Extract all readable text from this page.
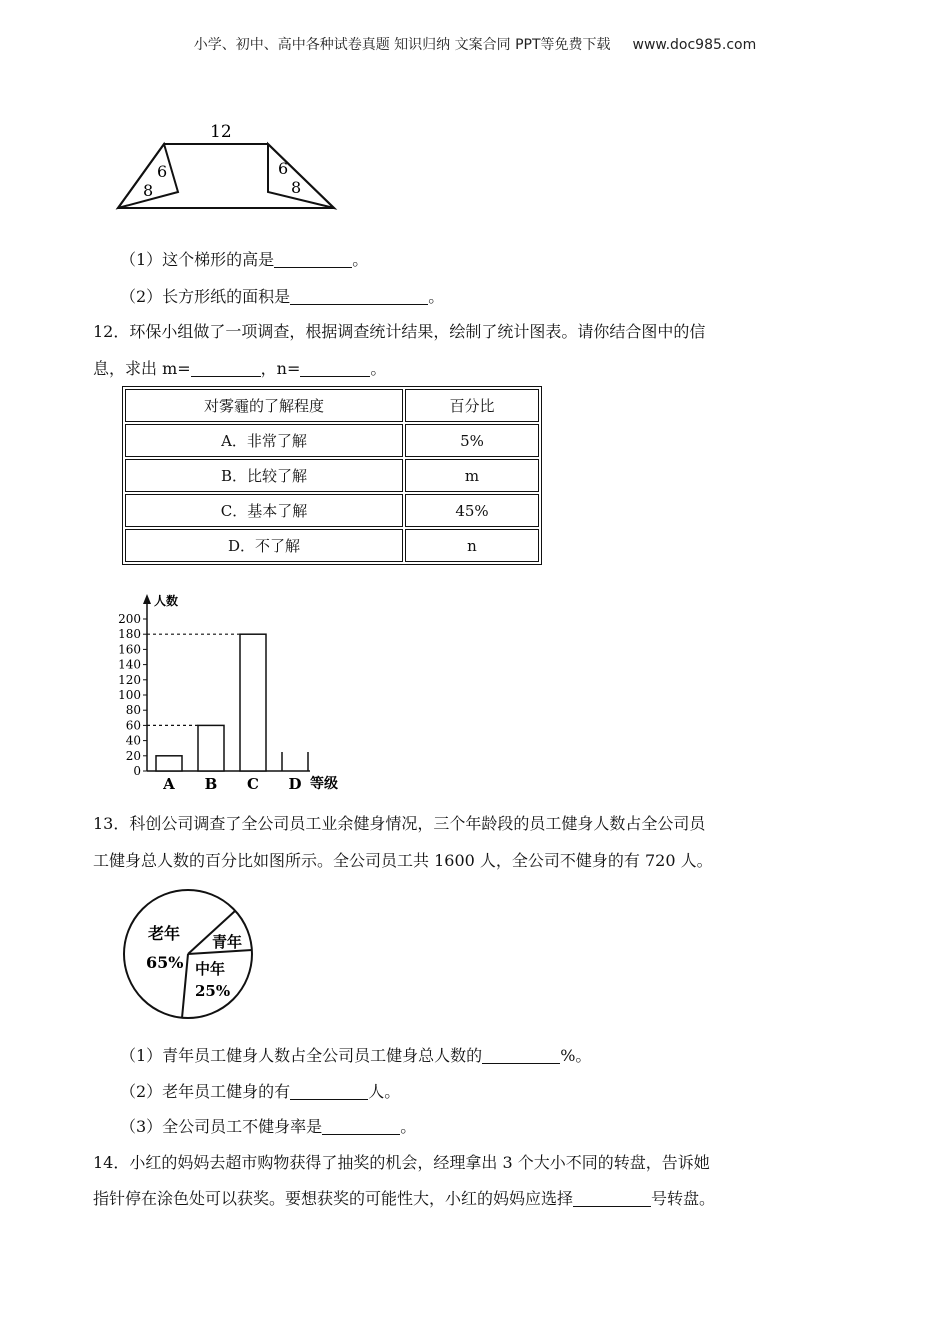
小学、初中、高中各种试卷真题 知识归纳 文案合同 PPT等免费下载 www.doc985.com
12
6
8
6
8
（1）这个梯形的高是	。
（2）长方形纸的面积是	。
12．环保小组做了一项调查，根据调查统计结果，绘制了统计图表。请你结合图中的信
息，求出 m=	，n=	。
对雾霾的了解程度	百分比
A．非常了解	5%
B．比较了解	m
C．基本了解	45%
D．不了解	n
200
180
160
140
120
100
80
60
40
20
0
A B C D
人数
等级
13．科创公司调查了全公司员工业余健身情况，三个年龄段的员工健身人数占全公司员
工健身总人数的百分比如图所示。全公司员工共 1600 人，全公司不健身的有 720 人。
老年
65%
青年
中年
25%
（1）青年员工健身人数占全公司员工健身总人数的	%。
（2）老年员工健身的有	人。
（3）全公司员工不健身率是	。
14．小红的妈妈去超市购物获得了抽奖的机会，经理拿出 3 个大小不同的转盘，告诉她
指针停在涂色处可以获奖。要想获奖的可能性大，小红的妈妈应选择	号转盘。
